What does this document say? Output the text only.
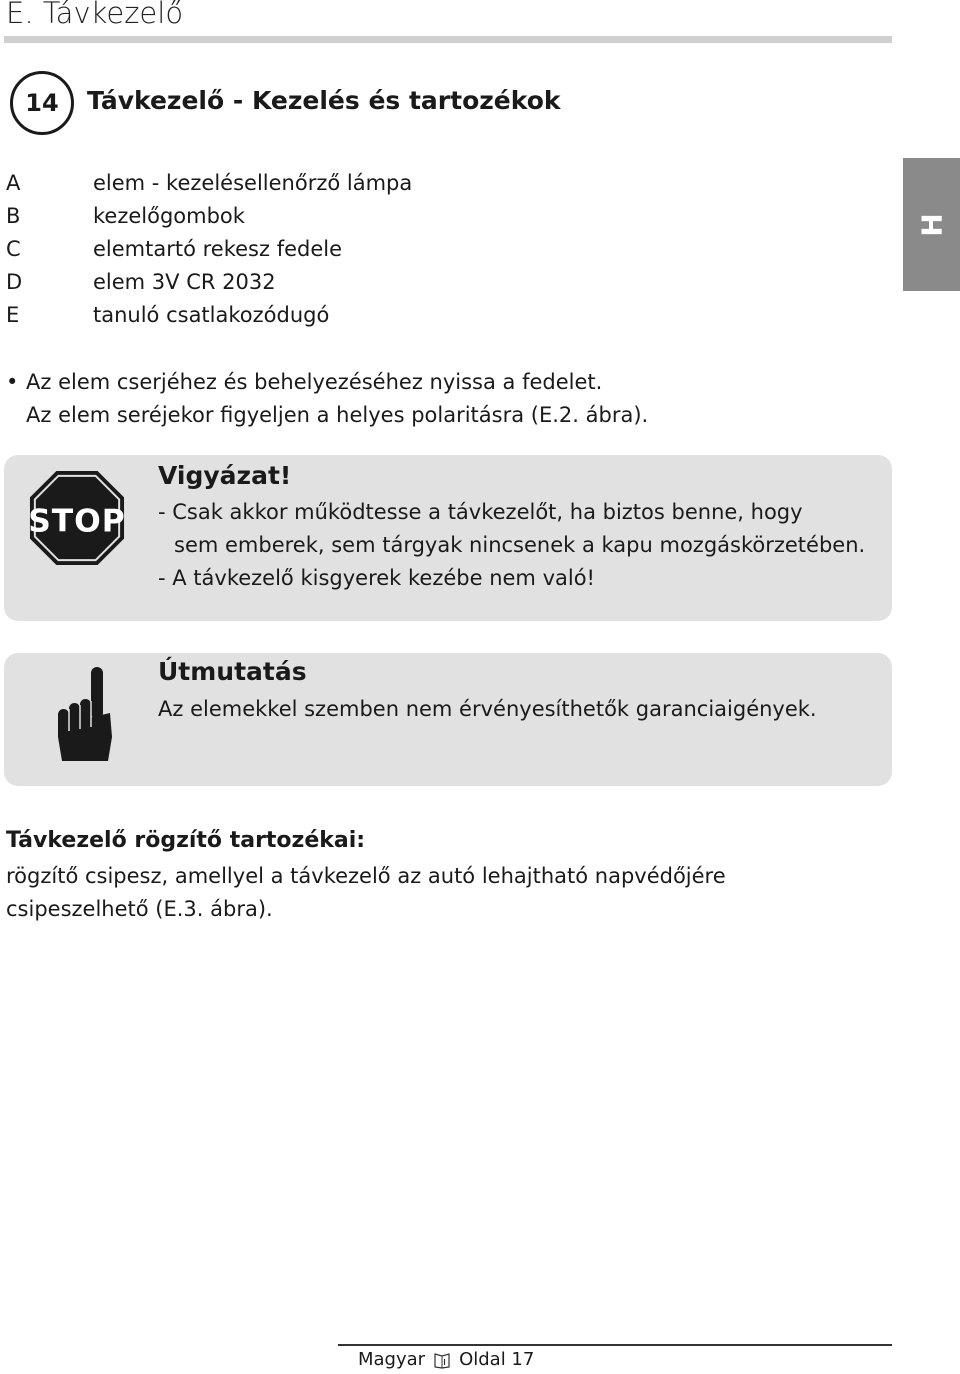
E. Távkezelő
H
14	Távkezelő - Kezelés és tartozékok
A	elem - kezelésellenőrző lámpa
B	kezelőgombok
C	elemtartó rekesz fedele
D	elem 3V CR 2032
E	tanuló csatlakozódugó
• Az elem cserjéhez és behelyezéséhez nyissa a fedelet.
Az elem seréjekor figyeljen a helyes polaritásra (E.2. ábra).
STOP
Vigyázat!
- Csak akkor működtesse a távkezelőt, ha biztos benne, hogy
sem emberek, sem tárgyak nincsenek a kapu mozgáskörzetében.
- A távkezelő kisgyerek kezébe nem való!
Útmutatás
Az elemekkel szemben nem érvényesíthetők garanciaigények.
Távkezelő rögzítő tartozékai:
rögzítő csipesz, amellyel a távkezelő az autó lehajtható napvédőjére
csipeszelhető (E.3. ábra).
Magyar Oldal 17
